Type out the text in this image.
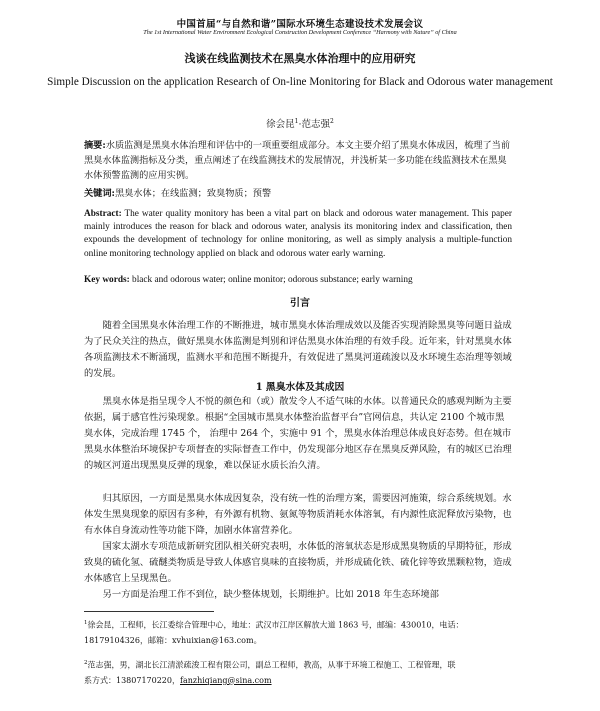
中国首届“与自然和谐”国际水环境生态建设技术发展会议
The 1st International Water Environment Ecological Construction Development Conference “Harmony with Nature” of China
浅谈在线监测技术在黑臭水体治理中的应用研究
Simple Discussion on the application Research of On-line Monitoring for Black and Odorous water management
徐会昆$^1$·范志强$^2$
摘要:水质监测是黑臭水体治理和评估中的一项重要组成部分。本文主要介绍了黑臭水体成因，梳理了当前黑臭水体监测指标及分类，重点阐述了在线监测技术的发展情况，并浅析某一多功能在线监测技术在黑臭水体预警监测的应用实例。
关键词:黑臭水体；在线监测；致臭物质；预警
Abstract: The water quality monitory has been a vital part on black and odorous water management. This paper mainly introduces the reason for black and odorous water, analysis its monitoring index and classification, then expounds the development of technology for online monitoring, as well as simply analysis a multiple-function online monitoring technology applied on black and odorous water early warning.
Key words: black and odorous water; online monitor; odorous substance; early warning
引言
随着全国黑臭水体治理工作的不断推进，城市黑臭水体治理成效以及能否实现消除黑臭等问题日益成为了民众关注的热点，做好黑臭水体监测是判别和评估黑臭水体治理的有效手段。近年来，针对黑臭水体各项监测技术不断涌现，监测水平和范围不断提升，有效促进了黑臭河道疏浚以及水环境生态治理等领域的发展。
1 黑臭水体及其成因
黑臭水体是指呈现令人不悦的颜色和（或）散发令人不适气味的水体。以普通民众的感观判断为主要依据，属于感官性污染现象。根据“全国城市黑臭水体整治监督平台”官网信息，共认定 2100 个城市黑臭水体，完成治理 1745 个， 治理中 264 个，实施中 91 个，黑臭水体治理总体成良好态势。但在城市黑臭水体整治环境保护专项督查的实际督查工作中，仍发现部分地区存在黑臭反弹风险，有的城区已治理的城区河道出现黑臭反弹的现象，难以保证水质长治久清。
归其原因，一方面是黑臭水体成因复杂，没有统一性的治理方案，需要因河施策，综合系统规划。水体发生黑臭现象的原因有多种，有外源有机物、氨氮等物质消耗水体溶氧，有内源性底泥释放污染物，也有水体自身流动性等功能下降，加剧水体富营养化。
国家太湖水专项范成新研究团队相关研究表明，水体低的溶氧状态是形成黑臭物质的早期特征，形成致臭的硫化氢、硫醚类物质是导致人体感官臭味的直接物质，并形成硫化铁、硫化锌等致黑颗粒物，造成水体感官上呈现黑色。
另一方面是治理工作不到位，缺少整体规划，长期维护。比如 2018 年生态环境部
$^1$徐会昆，工程师，长江委综合管理中心，地址：武汉市江岸区解放大道 1863 号，邮编：430010，电话：
18179104326，邮箱：xvhuixian@163.com。
$^2$范志强，男，湖北长江清淤疏浚工程有限公司，副总工程师，教高，从事于环境工程施工、工程管理，联
系方式：13807170220，fanzhiqiang@sina.com
